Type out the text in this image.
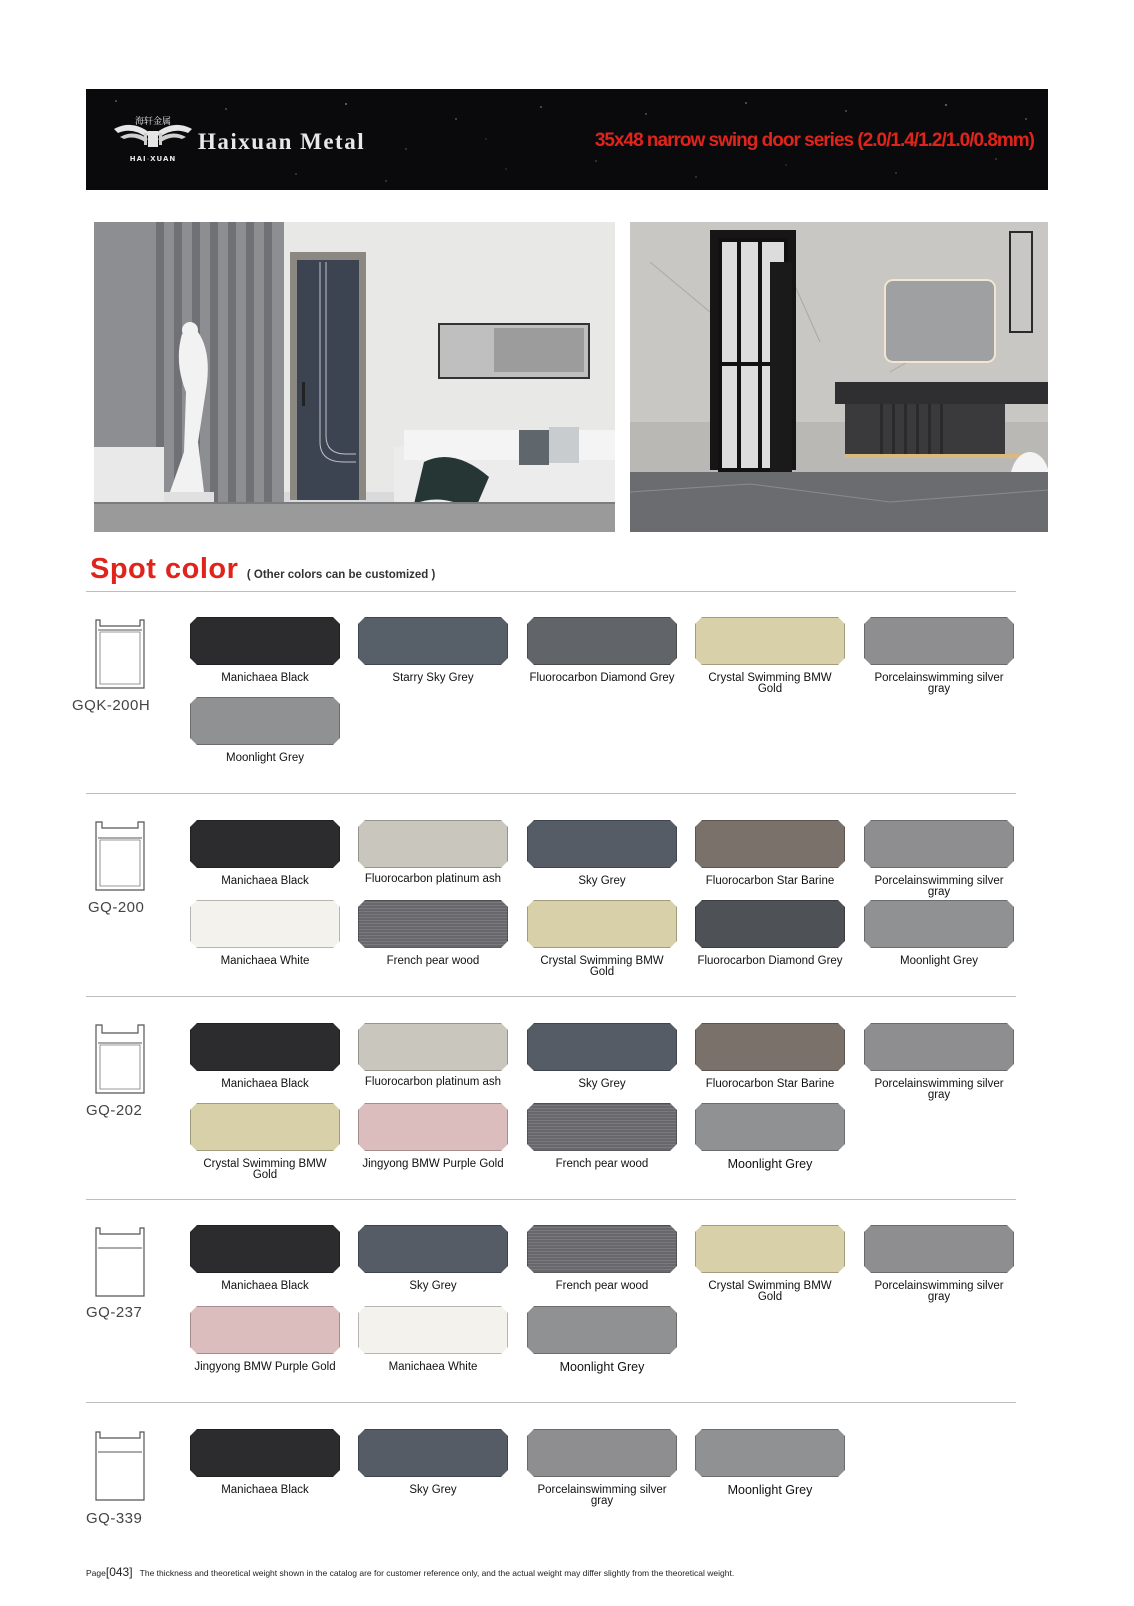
海轩金属
HAI XUAN
Haixuan Metal	35x48 narrow swing door series (2.0/1.4/1.2/1.0/0.8mm)
Spot color ( Other colors can be customized )
GQK-200H
Manichaea Black	Starry Sky Grey	Fluorocarbon Diamond Grey	Crystal Swimming BMW Gold
Porcelainswimming silver gray
Moonlight Grey
GQ-200
Manichaea Black	Fluorocarbon platinum ash	Sky Grey	Fluorocarbon Star Barine	Porcelainswimming silver gray
Manichaea White	French pear wood	Crystal Swimming BMW Gold
Fluorocarbon Diamond Grey	Moonlight Grey
GQ-202
Manichaea Black	Fluorocarbon platinum ash	Sky Grey	Fluorocarbon Star Barine	Porcelainswimming silver gray
Crystal Swimming BMW Gold
Jingyong BMW Purple Gold	French pear wood	Moonlight Grey
GQ-237
Manichaea Black	Sky Grey	French pear wood	Crystal Swimming BMW Gold
Porcelainswimming silver gray
Jingyong BMW Purple Gold	Manichaea White	Moonlight Grey
GQ-339
Manichaea Black	Sky Grey	Porcelainswimming silver gray
Moonlight Grey
Page[043] The thickness and theoretical weight shown in the catalog are for customer reference only, and the actual weight may differ slightly from the theoretical weight.
